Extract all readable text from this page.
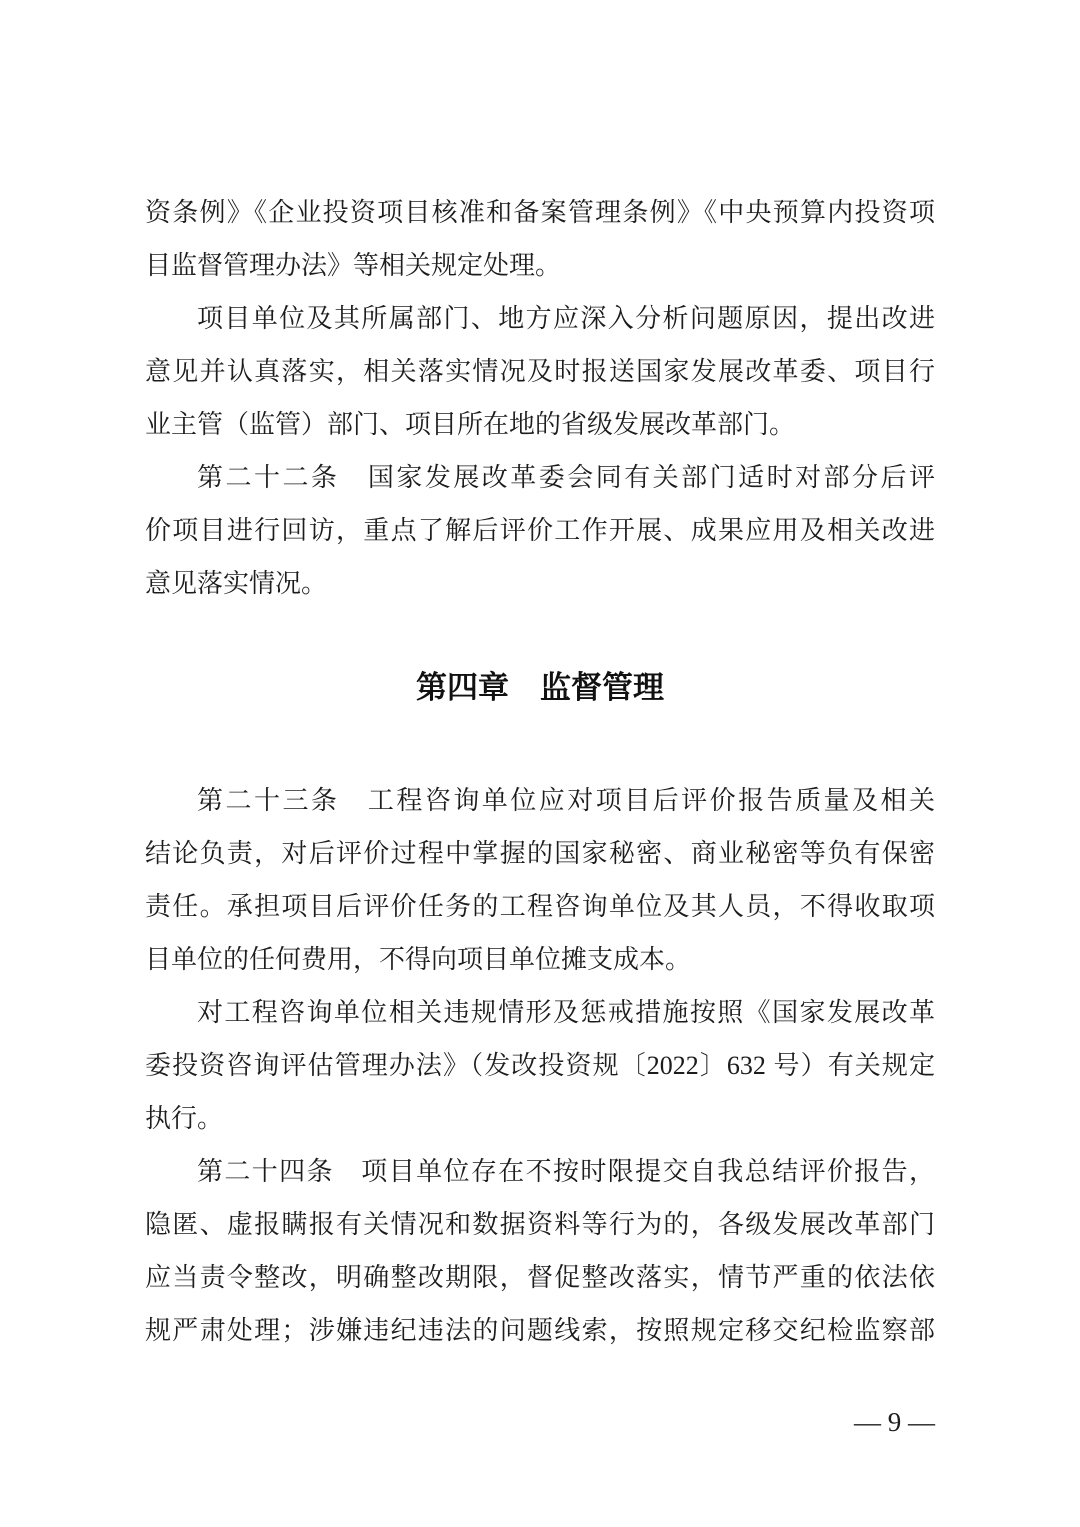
资条例》《企业投资项目核准和备案管理条例》《中央预算内投资项
目监督管理办法》等相关规定处理。
项目单位及其所属部门、地方应深入分析问题原因，提出改进
意见并认真落实，相关落实情况及时报送国家发展改革委、项目行
业主管（监管）部门、项目所在地的省级发展改革部门。
第二十二条　国家发展改革委会同有关部门适时对部分后评
价项目进行回访，重点了解后评价工作开展、成果应用及相关改进
意见落实情况。
第四章　监督管理
第二十三条　工程咨询单位应对项目后评价报告质量及相关
结论负责，对后评价过程中掌握的国家秘密、商业秘密等负有保密
责任。承担项目后评价任务的工程咨询单位及其人员，不得收取项
目单位的任何费用，不得向项目单位摊支成本。
对工程咨询单位相关违规情形及惩戒措施按照《国家发展改革
委投资咨询评估管理办法》（发改投资规〔2022〕632 号）有关规定
执行。
第二十四条　项目单位存在不按时限提交自我总结评价报告，
隐匿、虚报瞒报有关情况和数据资料等行为的，各级发展改革部门
应当责令整改，明确整改期限，督促整改落实，情节严重的依法依
规严肃处理；涉嫌违纪违法的问题线索，按照规定移交纪检监察部
— 9 —
